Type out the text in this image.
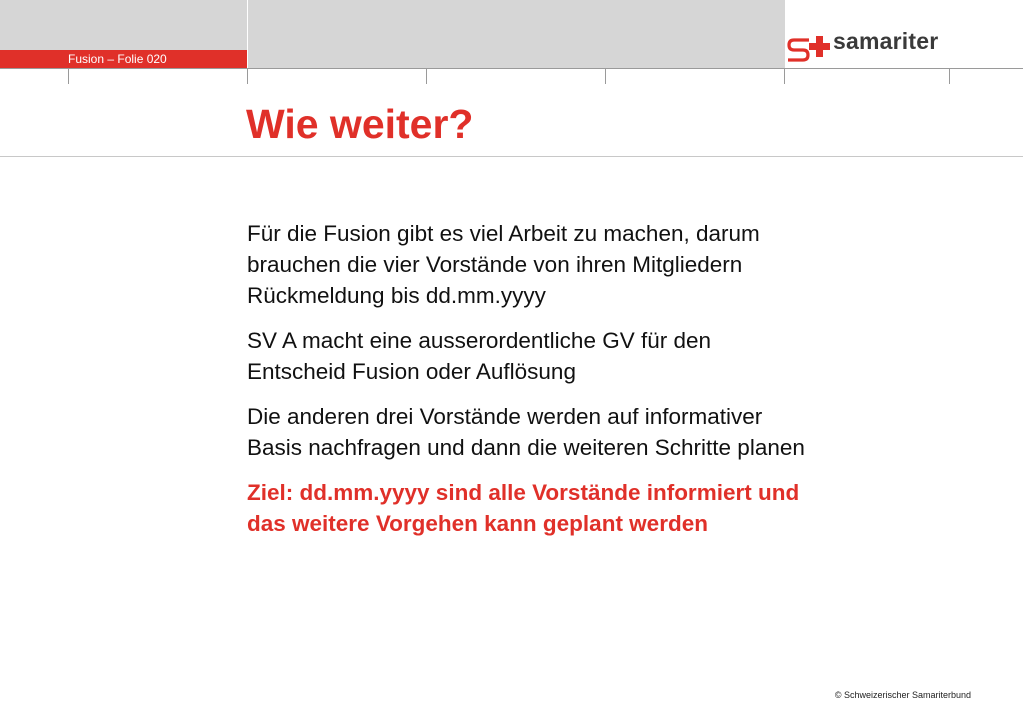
Fusion – Folie 020
samariter
Wie weiter?

Für die Fusion gibt es viel Arbeit zu machen, darum
brauchen die vier Vorstände von ihren Mitgliedern
Rückmeldung bis dd.mm.yyyy

SV A macht eine ausserordentliche GV für den
Entscheid Fusion oder Auflösung

Die anderen drei Vorstände werden auf informativer
Basis nachfragen und dann die weiteren Schritte planen

Ziel: dd.mm.yyyy sind alle Vorstände informiert und
das weitere Vorgehen kann geplant werden

© Schweizerischer Samariterbund
